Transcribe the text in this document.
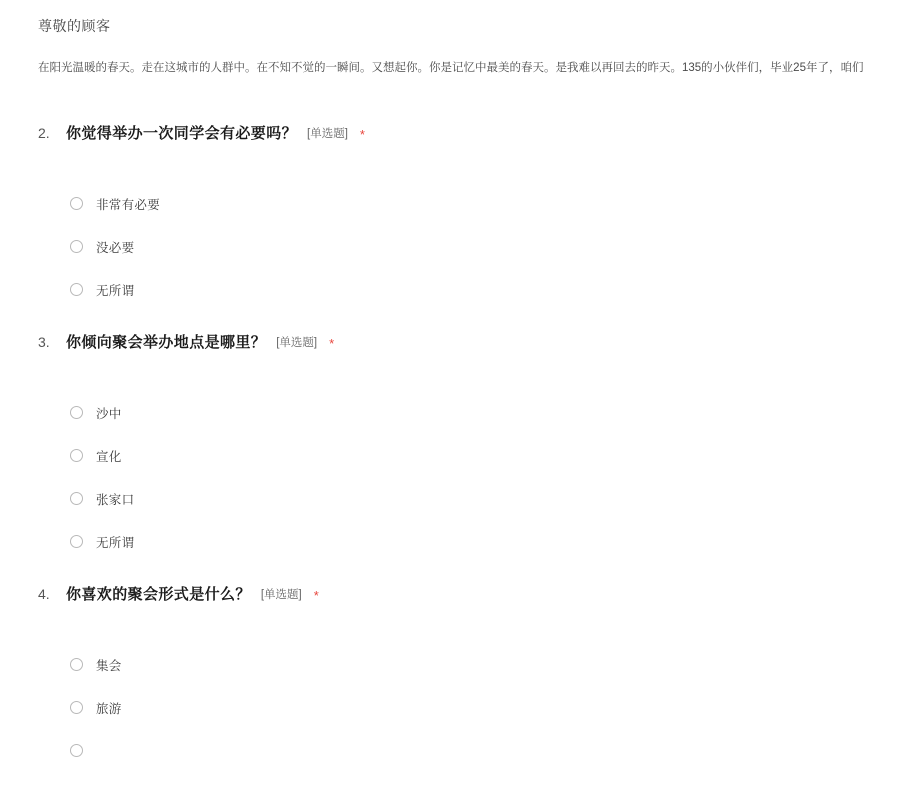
尊敬的顾客
在阳光温暖的春天。走在这城市的人群中。在不知不觉的一瞬间。又想起你。你是记忆中最美的春天。是我难以再回去的昨天。135的小伙伴们，毕业25年了，咱们
2.	你觉得举办一次同学会有必要吗？ [单选题] *
非常有必要
没必要
无所谓
3.	你倾向聚会举办地点是哪里？ [单选题] *
沙中
宣化
张家口
无所谓
4.	你喜欢的聚会形式是什么？ [单选题] *
集会
旅游
